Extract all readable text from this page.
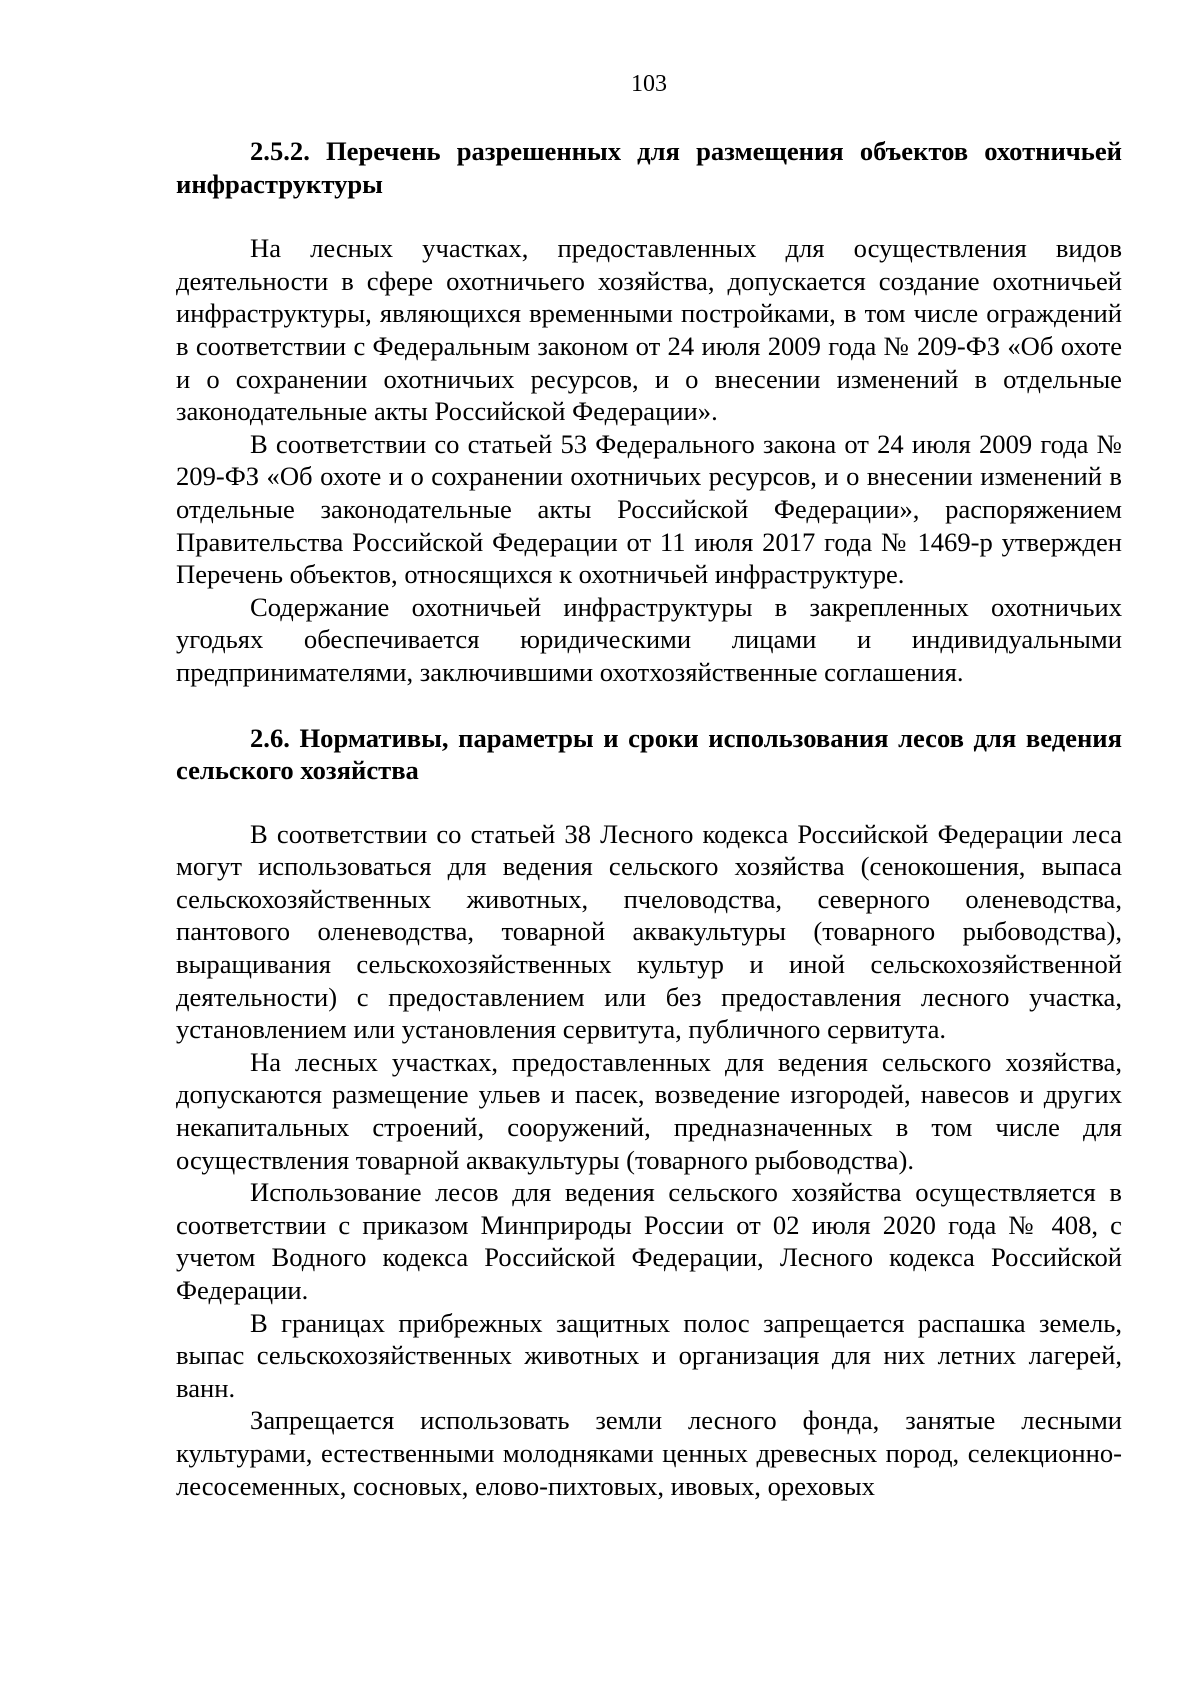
103
2.5.2. Перечень разрешенных для размещения объектов охотничьей инфраструктуры

На лесных участках, предоставленных для осуществления видов деятельности в сфере охотничьего хозяйства, допускается создание охотничьей инфраструктуры, являющихся временными постройками, в том числе ограждений в соответствии с Федеральным законом от 24 июля 2009 года № 209-ФЗ «Об охоте и о сохранении охотничьих ресурсов, и о внесении изменений в отдельные законодательные акты Российской Федерации».

В соответствии со статьей 53 Федерального закона от 24 июля 2009 года № 209-ФЗ «Об охоте и о сохранении охотничьих ресурсов, и о внесении изменений в отдельные законодательные акты Российской Федерации», распоряжением Правительства Российской Федерации от 11 июля 2017 года № 1469-р утвержден Перечень объектов, относящихся к охотничьей инфраструктуре.

Содержание охотничьей инфраструктуры в закрепленных охотничьих угодьях обеспечивается юридическими лицами и индивидуальными предпринимателями, заключившими охотхозяйственные соглашения.

2.6. Нормативы, параметры и сроки использования лесов для ведения сельского хозяйства

В соответствии со статьей 38 Лесного кодекса Российской Федерации леса могут использоваться для ведения сельского хозяйства (сенокошения, выпаса сельскохозяйственных животных, пчеловодства, северного оленеводства, пантового оленеводства, товарной аквакультуры (товарного рыбоводства), выращивания сельскохозяйственных культур и иной сельскохозяйственной деятельности) с предоставлением или без предоставления лесного участка, установлением или установления сервитута, публичного сервитута.

На лесных участках, предоставленных для ведения сельского хозяйства, допускаются размещение ульев и пасек, возведение изгородей, навесов и других некапитальных строений, сооружений, предназначенных в том числе для осуществления товарной аквакультуры (товарного рыбоводства).

Использование лесов для ведения сельского хозяйства осуществляется в соответствии с приказом Минприроды России от 02 июля 2020 года № 408, с учетом Водного кодекса Российской Федерации, Лесного кодекса Российской Федерации.

В границах прибрежных защитных полос запрещается распашка земель, выпас сельскохозяйственных животных и организация для них летних лагерей, ванн.

Запрещается использовать земли лесного фонда, занятые лесными культурами, естественными молодняками ценных древесных пород, селекционно-лесосеменных, сосновых, елово-пихтовых, ивовых, ореховых
